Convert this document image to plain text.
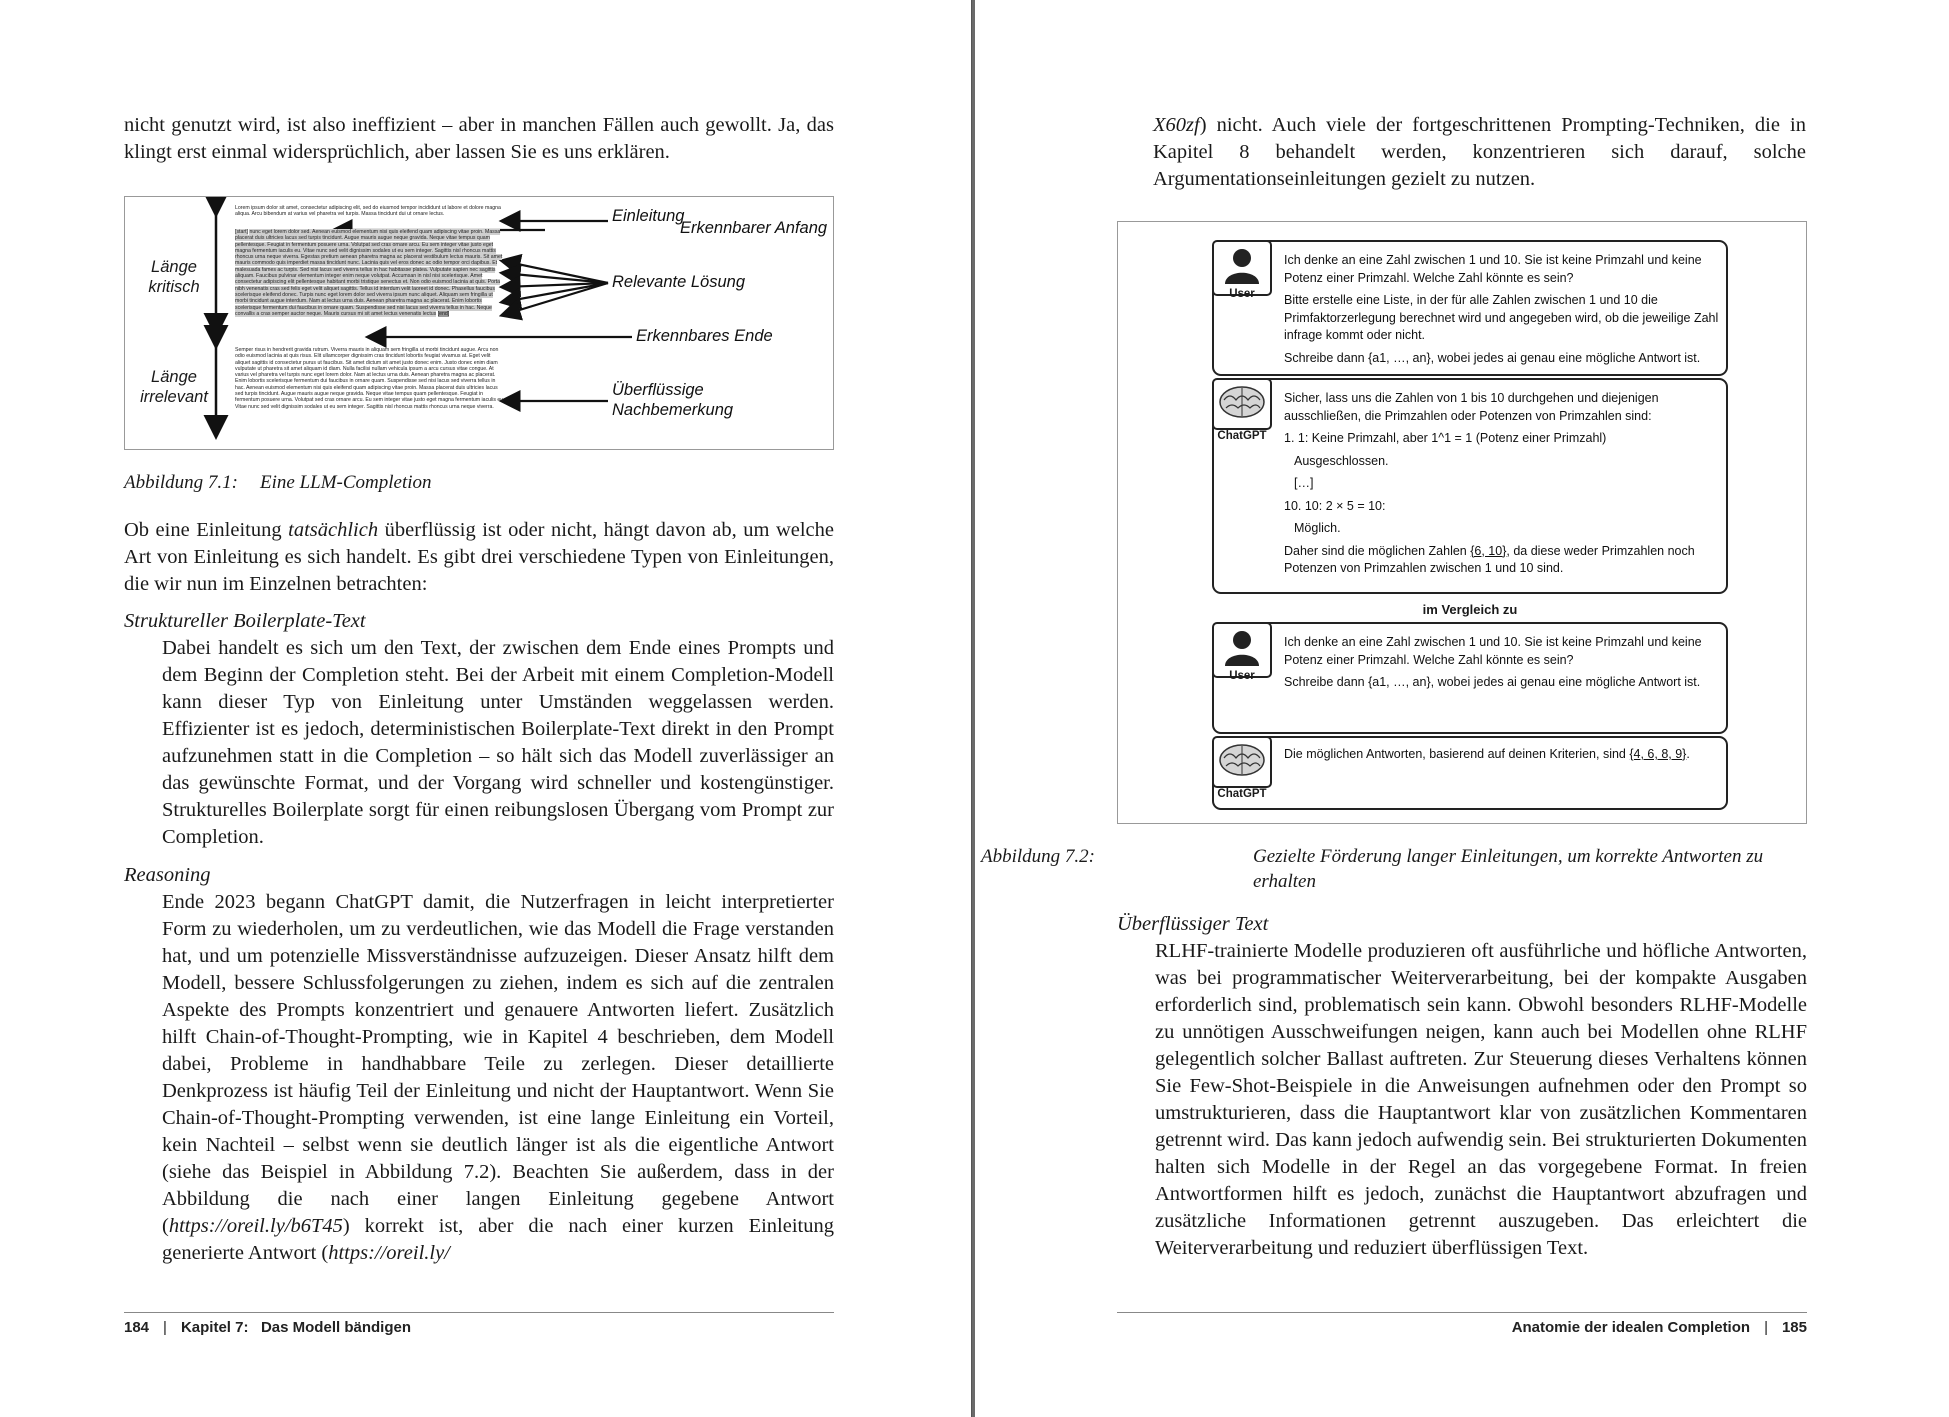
nicht genutzt wird, ist also ineffizient – aber in manchen Fällen auch gewollt. Ja, das klingt erst einmal widersprüchlich, aber lassen Sie es uns erklären.
Länge
kritisch
Länge
irrelevant
Lorem ipsum dolor sit amet, consectetur adipiscing elit, sed do eiusmod tempor incididunt ut labore et dolore magna aliqua. Arcu bibendum at varius vel pharetra vel turpis. Massa tincidunt dui ut ornare lectus.
[start] nunc eget lorem dolor sed. Aenean euismod elementum nisi quis eleifend quam adipiscing vitae proin. Massa placerat duis ultricies lacus sed turpis tincidunt. Augue mauris augue neque gravida. Neque vitae tempus quam pellentesque. Feugiat in fermentum posuere urna. Volutpat sed cras ornare arcu. Eu sem integer vitae justo eget magna fermentum iaculis eu. Vitae nunc sed velit dignissim sodales ut eu sem integer. Sagittis nisl rhoncus mattis rhoncus urna neque viverra. Egestas pretium aenean pharetra magna ac placerat vestibulum lectus mauris. Sit amet mauris commodo quis imperdiet massa tincidunt nunc. Lacinia quis vel eros donec ac odio tempor orci dapibus. Et malesuada fames ac turpis. Sed nisi lacus sed viverra tellus in hac habitasse platea. Vulputate sapien nec sagittis aliquam. Faucibus pulvinar elementum integer enim neque volutpat. Accumsan in nisl nisi scelerisque. Amet consectetur adipiscing elit pellentesque habitant morbi tristique senectus et. Non odio euismod lacinia at quis. Porta nibh venenatis cras sed felis eget velit aliquet sagittis. Tellus id interdum velit laoreet id donec. Phasellus faucibus scelerisque eleifend donec. Turpis nunc eget lorem dolor sed viverra ipsum nunc aliquet. Aliquam sem fringilla ut morbi tincidunt augue interdum. Nam at lectus urna duis. Aenean pharetra magna ac placerat. Enim lobortis scelerisque fermentum dui faucibus in ornare quam. Suspendisse sed nisi lacus sed viverra tellus in hac. Neque convallis a cras semper auctor neque. Mauris cursus mi sit amet lectus venenatis lectus [end]
Semper risus in hendrerit gravida rutrum. Viverra mauris in aliquam sem fringilla ut morbi tincidunt augue. Arcu non odio euismod lacinia at quis risus. Elit ullamcorper dignissim cras tincidunt lobortis feugiat vivamus at. Eget velit aliquet sagittis id consectetur purus ut faucibus. Sit amet dictum sit amet justo donec enim. Justo donec enim diam vulputate ut pharetra sit amet aliquam id diam. Nulla facilisi nullam vehicula ipsum a arcu cursus vitae congue. At varius vel pharetra vel turpis nunc eget lorem dolor. Nam at lectus urna duis. Aenean pharetra magna ac placerat. Enim lobortis scelerisque fermentum dui faucibus in ornare quam. Suspendisse sed nisi lacus sed viverra tellus in hac. Aenean euismod elementum nisi quis eleifend quam adipiscing vitae proin. Massa placerat duis ultricies lacus sed turpis tincidunt. Augue mauris augue neque gravida. Neque vitae tempus quam pellentesque. Feugiat in fermentum posuere urna. Volutpat sed cras ornare arcu. Eu sem integer vitae justo eget magna fermentum iaculis eu. Vitae nunc sed velit dignissim sodales ut eu sem integer. Sagittis nisl rhoncus mattis rhoncus urna neque viverra.
Einleitung
Erkennbarer Anfang
Relevante Lösung
Erkennbares Ende
Überflüssige
Nachbemerkung
Abbildung 7.1: Eine LLM-Completion
Ob eine Einleitung tatsächlich überflüssig ist oder nicht, hängt davon ab, um welche Art von Einleitung es sich handelt. Es gibt drei verschiedene Typen von Einleitungen, die wir nun im Einzelnen betrachten:
Struktureller Boilerplate-Text
Dabei handelt es sich um den Text, der zwischen dem Ende eines Prompts und dem Beginn der Completion steht. Bei der Arbeit mit einem Completion-Modell kann dieser Typ von Einleitung unter Umständen weggelassen werden. Effizienter ist es jedoch, deterministischen Boilerplate-Text direkt in den Prompt aufzunehmen statt in die Completion – so hält sich das Modell zuverlässiger an das gewünschte Format, und der Vorgang wird schneller und kostengünstiger. Strukturelles Boilerplate sorgt für einen reibungslosen Übergang vom Prompt zur Completion.
Reasoning
Ende 2023 begann ChatGPT damit, die Nutzerfragen in leicht interpretierter Form zu wiederholen, um zu verdeutlichen, wie das Modell die Frage verstanden hat, und um potenzielle Missverständnisse aufzuzeigen. Dieser Ansatz hilft dem Modell, bessere Schlussfolgerungen zu ziehen, indem es sich auf die zentralen Aspekte des Prompts konzentriert und genauere Antworten liefert. Zusätzlich hilft Chain-of-Thought-Prompting, wie in Kapitel 4 beschrieben, dem Modell dabei, Probleme in handhabbare Teile zu zerlegen. Dieser detaillierte Denkprozess ist häufig Teil der Einleitung und nicht der Hauptantwort. Wenn Sie Chain-of-Thought-Prompting verwenden, ist eine lange Einleitung ein Vorteil, kein Nachteil – selbst wenn sie deutlich länger ist als die eigentliche Antwort (siehe das Beispiel in Abbildung 7.2). Beachten Sie außerdem, dass in der Abbildung die nach einer langen Einleitung gegebene Antwort (https://oreil.ly/b6T45) korrekt ist, aber die nach einer kurzen Einleitung generierte Antwort (https://oreil.ly/
184 | Kapitel 7: Das Modell bändigen
X60zf) nicht. Auch viele der fortgeschrittenen Prompting-Techniken, die in Kapitel 8 behandelt werden, konzentrieren sich darauf, solche Argumentationseinleitungen gezielt zu nutzen.
User

Ich denke an eine Zahl zwischen 1 und 10. Sie ist keine Primzahl und keine Potenz einer Primzahl. Welche Zahl könnte es sein?

Bitte erstelle eine Liste, in der für alle Zahlen zwischen 1 und 10 die Primfaktorzerlegung berechnet wird und angegeben wird, ob die jeweilige Zahl infrage kommt oder nicht.

Schreibe dann {a1, …, an}, wobei jedes ai genau eine mögliche Antwort ist.

ChatGPT

Sicher, lass uns die Zahlen von 1 bis 10 durchgehen und diejenigen ausschließen, die Primzahlen oder Potenzen von Primzahlen sind:

1. 1: Keine Primzahl, aber 1^1 = 1 (Potenz einer Primzahl)

Ausgeschlossen.

[…]

10. 10: 2 × 5 = 10:

Möglich.

Daher sind die möglichen Zahlen {6, 10}, da diese weder Primzahlen noch Potenzen von Primzahlen zwischen 1 und 10 sind.

im Vergleich zu
User

Ich denke an eine Zahl zwischen 1 und 10. Sie ist keine Primzahl und keine Potenz einer Primzahl. Welche Zahl könnte es sein?

Schreibe dann {a1, …, an}, wobei jedes ai genau eine mögliche Antwort ist.

ChatGPT

Die möglichen Antworten, basierend auf deinen Kriterien, sind {4, 6, 8, 9}.

Abbildung 7.2:	Gezielte Förderung langer Einleitungen, um korrekte Antworten zu erhalten
Überflüssiger Text
RLHF-trainierte Modelle produzieren oft ausführliche und höfliche Antworten, was bei programmatischer Weiterverarbeitung, bei der kompakte Ausgaben erforderlich sind, problematisch sein kann. Obwohl besonders RLHF-Modelle zu unnötigen Ausschweifungen neigen, kann auch bei Modellen ohne RLHF gelegentlich solcher Ballast auftreten. Zur Steuerung dieses Verhaltens können Sie Few-Shot-Beispiele in die Anweisungen aufnehmen oder den Prompt so umstrukturieren, dass die Hauptantwort klar von zusätzlichen Kommentaren getrennt wird. Das kann jedoch aufwendig sein. Bei strukturierten Dokumenten halten sich Modelle in der Regel an das vorgegebene Format. In freien Antwortformen hilft es jedoch, zunächst die Hauptantwort abzufragen und zusätzliche Informationen getrennt auszugeben. Das erleichtert die Weiterverarbeitung und reduziert überflüssigen Text.
Anatomie der idealen Completion | 185
